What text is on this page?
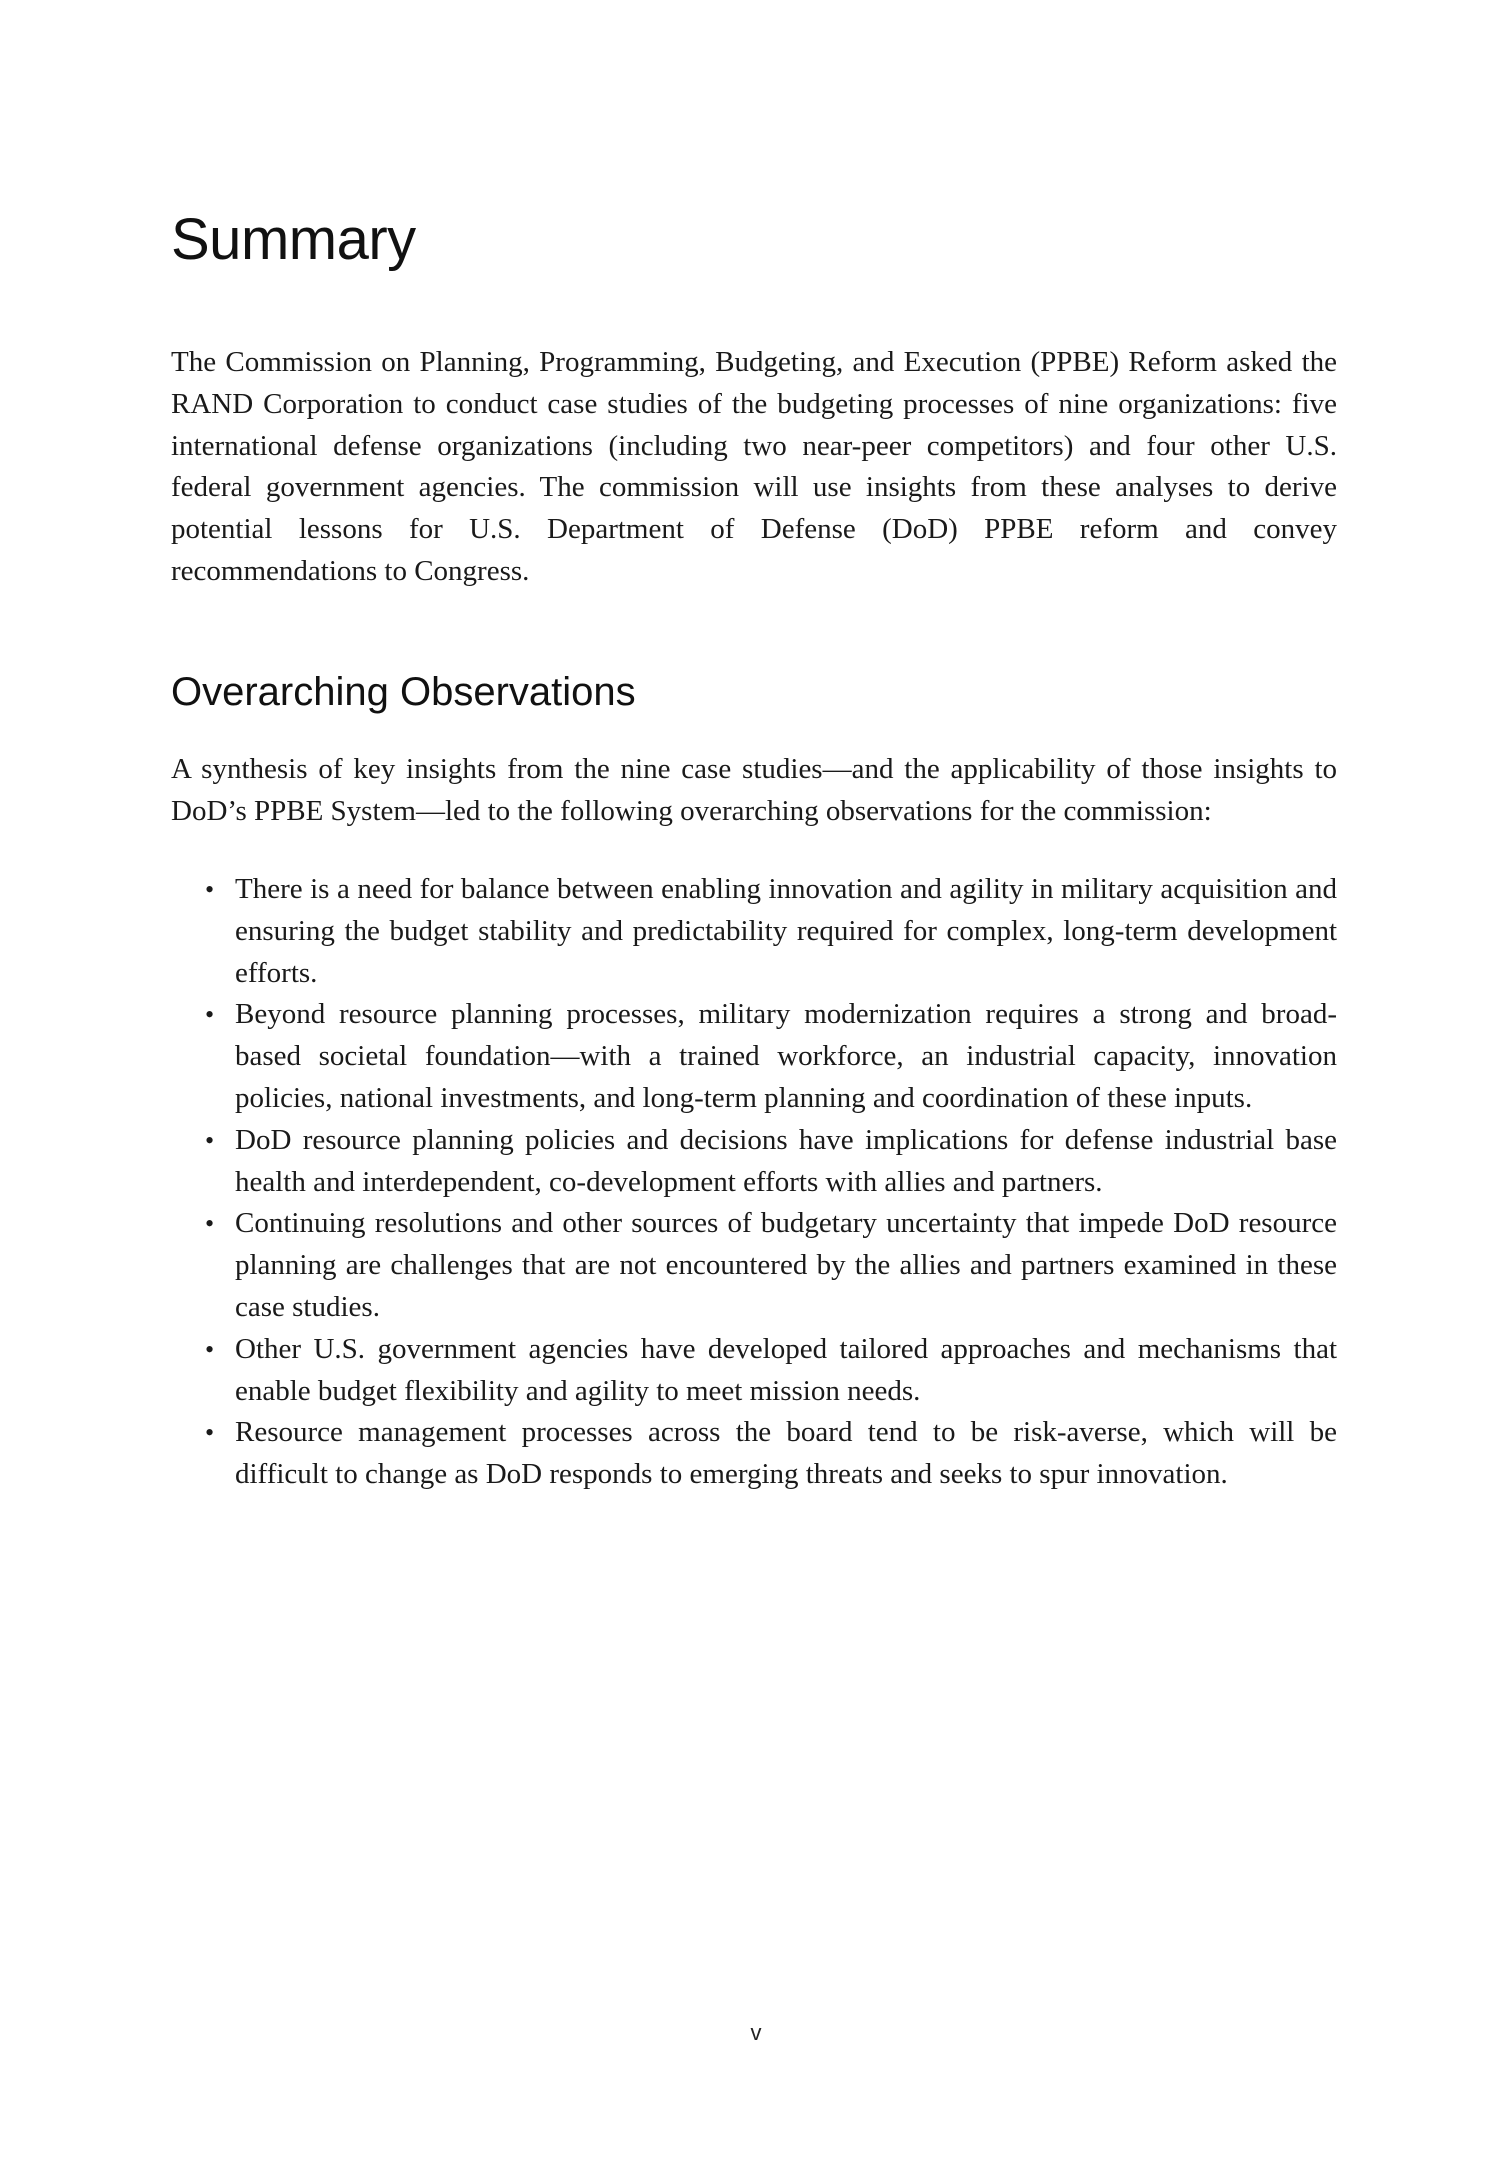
Summary

The Commission on Planning, Programming, Budgeting, and Execution (PPBE) Reform asked the RAND Corporation to conduct case studies of the budgeting processes of nine organizations: five international defense organizations (including two near-peer competitors) and four other U.S. federal government agencies. The commission will use insights from these analyses to derive potential lessons for U.S. Department of Defense (DoD) PPBE reform and convey recommendations to Congress.

Overarching Observations

A synthesis of key insights from the nine case studies—and the applicability of those insights to DoD’s PPBE System—led to the following overarching observations for the commission:

• There is a need for balance between enabling innovation and agility in military acquisition and ensuring the budget stability and predictability required for complex, long-term development efforts.
• Beyond resource planning processes, military modernization requires a strong and broad-based societal foundation—with a trained workforce, an industrial capacity, innovation policies, national investments, and long-term planning and coordination of these inputs.
• DoD resource planning policies and decisions have implications for defense industrial base health and interdependent, co-development efforts with allies and partners.
• Continuing resolutions and other sources of budgetary uncertainty that impede DoD resource planning are challenges that are not encountered by the allies and partners examined in these case studies.
• Other U.S. government agencies have developed tailored approaches and mechanisms that enable budget flexibility and agility to meet mission needs.
• Resource management processes across the board tend to be risk-averse, which will be difficult to change as DoD responds to emerging threats and seeks to spur innovation.
v
